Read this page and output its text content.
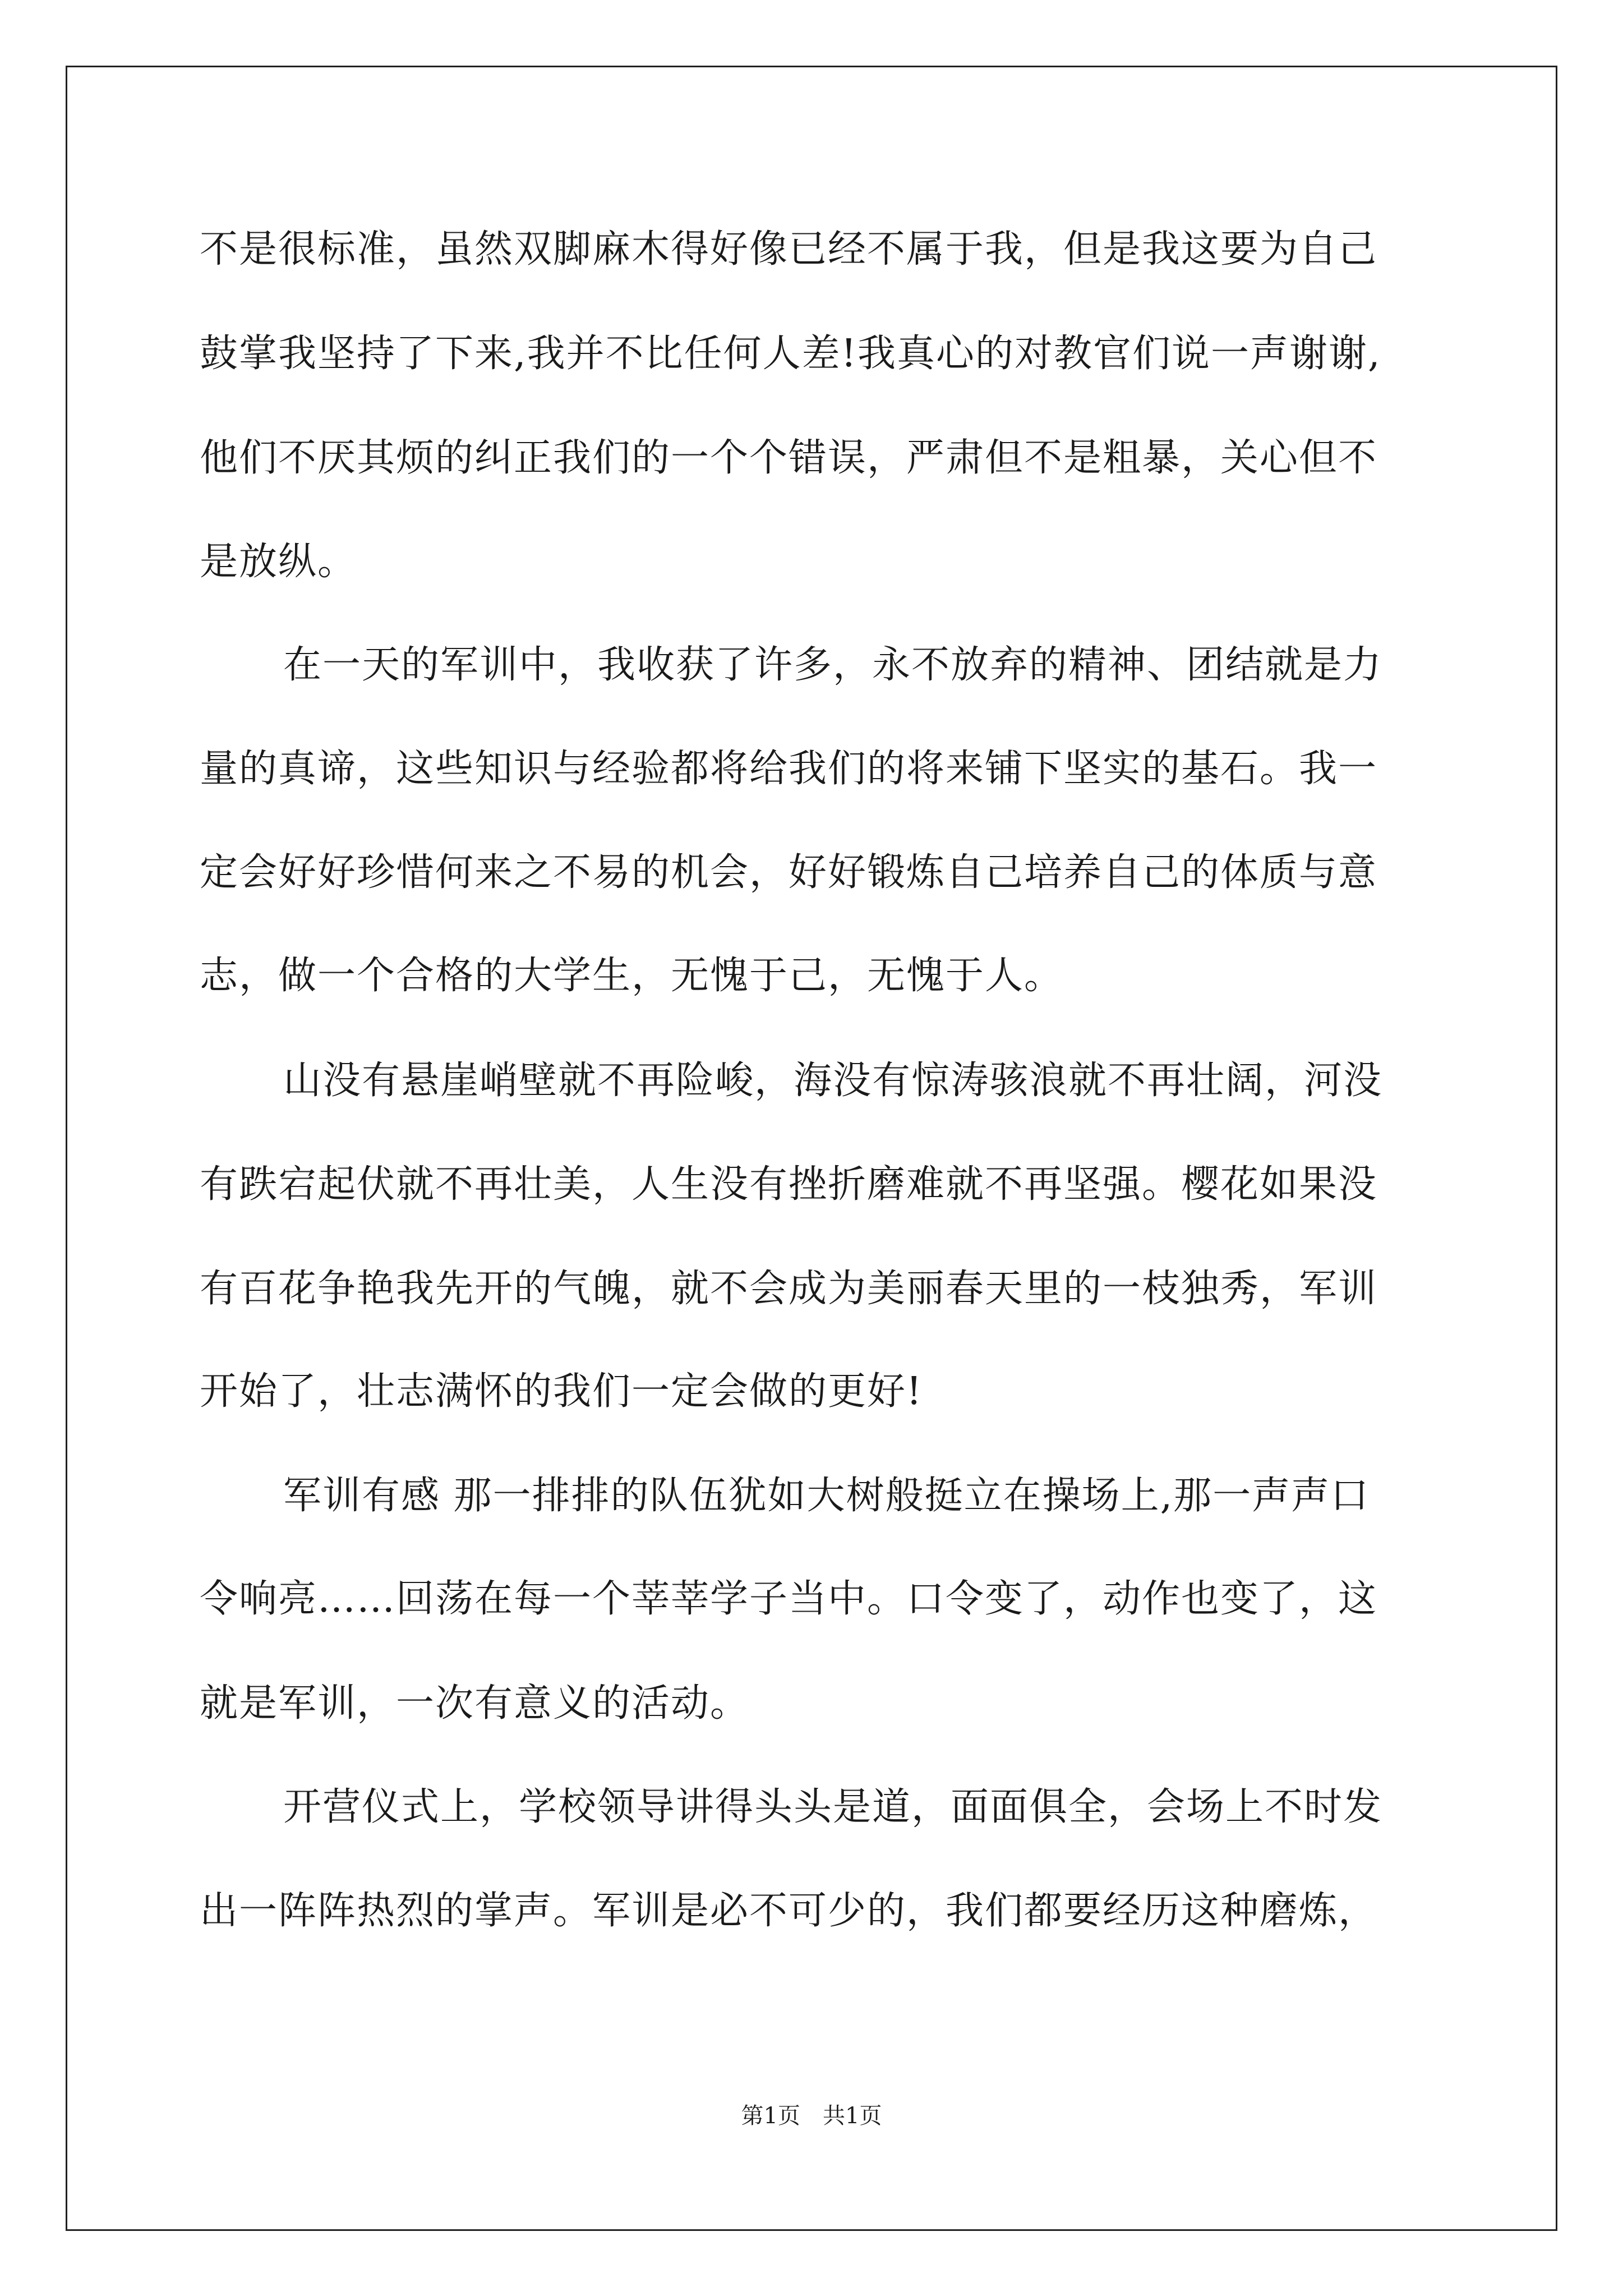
不是很标准，虽然双脚麻木得好像已经不属于我，但是我这要为自己
鼓掌我坚持了下来,我并不比任何人差!我真心的对教官们说一声谢谢,
他们不厌其烦的纠正我们的一个个错误，严肃但不是粗暴，关心但不
是放纵。
在一天的军训中，我收获了许多，永不放弃的精神、团结就是力
量的真谛，这些知识与经验都将给我们的将来铺下坚实的基石。我一
定会好好珍惜何来之不易的机会，好好锻炼自己培养自己的体质与意
志，做一个合格的大学生，无愧于己，无愧于人。
山没有悬崖峭壁就不再险峻，海没有惊涛骇浪就不再壮阔，河没
有跌宕起伏就不再壮美，人生没有挫折磨难就不再坚强。樱花如果没
有百花争艳我先开的气魄，就不会成为美丽春天里的一枝独秀，军训
开始了，壮志满怀的我们一定会做的更好!
军训有感 那一排排的队伍犹如大树般挺立在操场上,那一声声口
令响亮……回荡在每一个莘莘学子当中。口令变了，动作也变了，这
就是军训，一次有意义的活动。
开营仪式上，学校领导讲得头头是道，面面俱全，会场上不时发
出一阵阵热烈的掌声。军训是必不可少的，我们都要经历这种磨炼，
第1页　共1页
